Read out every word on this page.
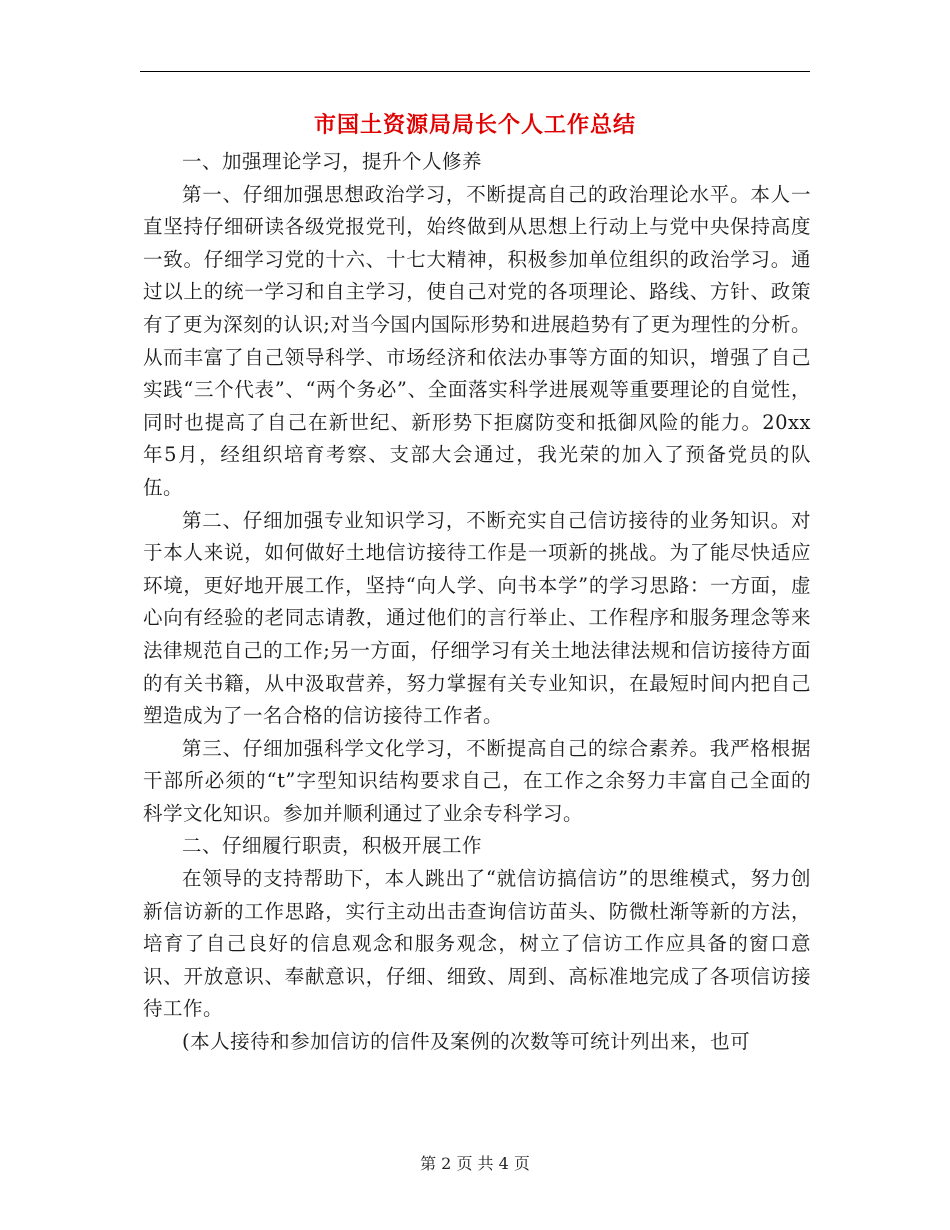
市国土资源局局长个人工作总结

一、加强理论学习，提升个人修养

第一、仔细加强思想政治学习，不断提高自己的政治理论水平。本人一直坚持仔细研读各级党报党刊，始终做到从思想上行动上与党中央保持高度一致。仔细学习党的十六、十七大精神，积极参加单位组织的政治学习。通过以上的统一学习和自主学习，使自己对党的各项理论、路线、方针、政策有了更为深刻的认识;对当今国内国际形势和进展趋势有了更为理性的分析。从而丰富了自己领导科学、市场经济和依法办事等方面的知识，增强了自己实践“三个代表”、“两个务必”、全面落实科学进展观等重要理论的自觉性，同时也提高了自己在新世纪、新形势下拒腐防变和抵御风险的能力。20xx年5月，经组织培育考察、支部大会通过，我光荣的加入了预备党员的队伍。

第二、仔细加强专业知识学习，不断充实自己信访接待的业务知识。对于本人来说，如何做好土地信访接待工作是一项新的挑战。为了能尽快适应环境，更好地开展工作，坚持“向人学、向书本学”的学习思路：一方面，虚心向有经验的老同志请教，通过他们的言行举止、工作程序和服务理念等来法律规范自己的工作;另一方面，仔细学习有关土地法律法规和信访接待方面的有关书籍，从中汲取营养，努力掌握有关专业知识，在最短时间内把自己塑造成为了一名合格的信访接待工作者。

第三、仔细加强科学文化学习，不断提高自己的综合素养。我严格根据干部所必须的“t”字型知识结构要求自己，在工作之余努力丰富自己全面的科学文化知识。参加并顺利通过了业余专科学习。

二、仔细履行职责，积极开展工作

在领导的支持帮助下，本人跳出了“就信访搞信访”的思维模式，努力创新信访新的工作思路，实行主动出击查询信访苗头、防微杜渐等新的方法，培育了自己良好的信息观念和服务观念，树立了信访工作应具备的窗口意识、开放意识、奉献意识，仔细、细致、周到、高标准地完成了各项信访接待工作。

(本人接待和参加信访的信件及案例的次数等可统计列出来，也可

第 2 页 共 4 页
